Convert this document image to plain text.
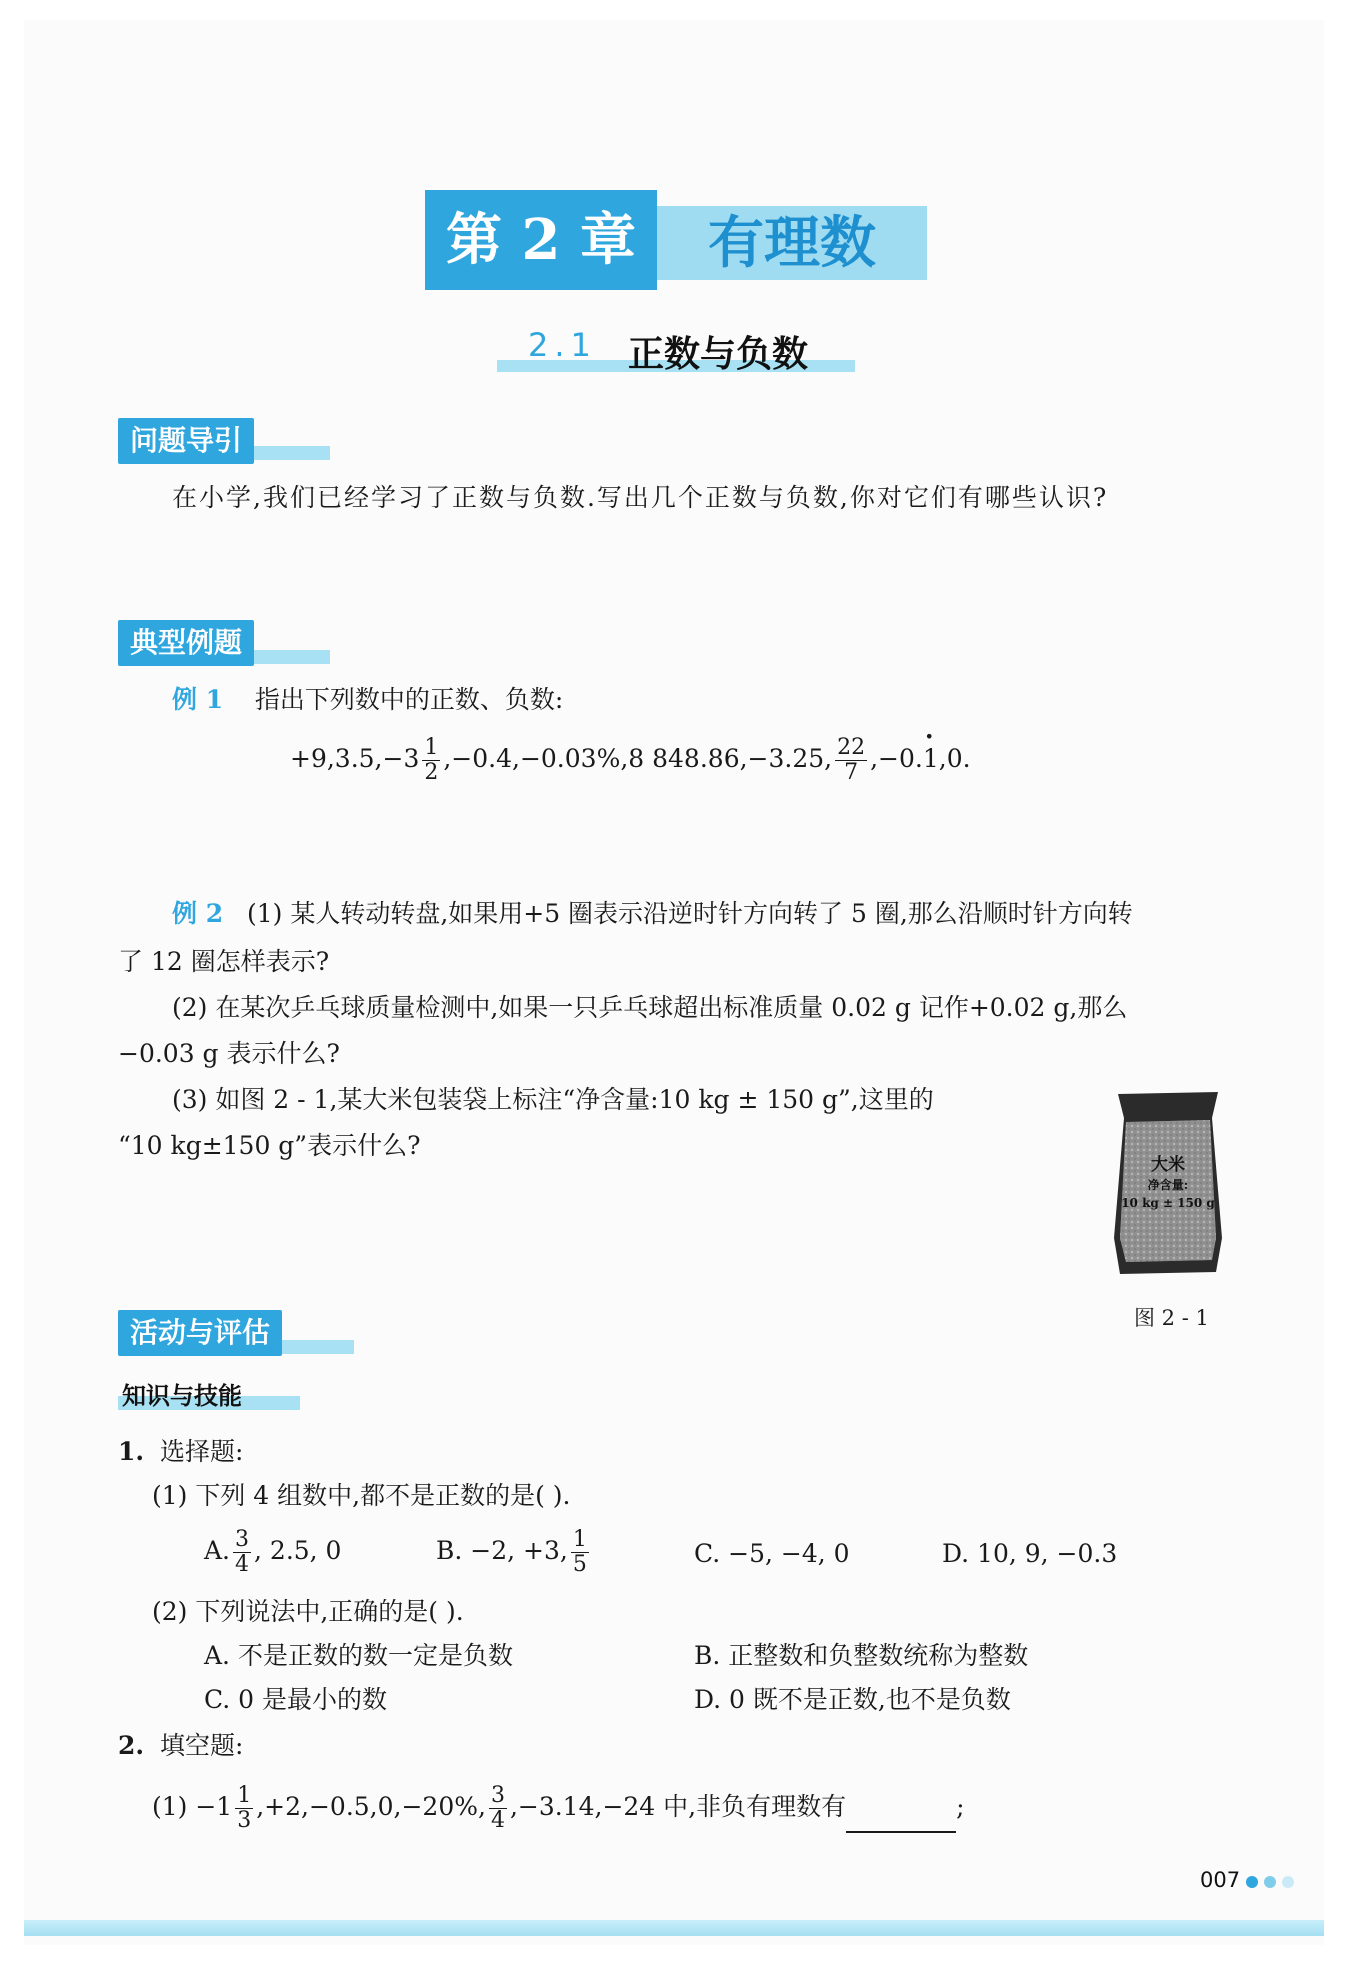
第 2 章	有理数
2.1 正数与负数
问题导引
在小学,我们已经学习了正数与负数.写出几个正数与负数,你对它们有哪些认识?
典型例题
例 1 指出下列数中的正数、负数:
$+9,3.5,-3 \frac{1}{2} ,-0.4,-0.03\%,8$ 848.86,−3.25, $\frac{22}{7} ,-0.\cdot 1,0$.
例 2 (1) 某人转动转盘,如果用+5 圈表示沿逆时针方向转了 5 圈,那么沿顺时针方向转
了 12 圈怎样表示?
(2) 在某次乒乓球质量检测中,如果一只乒乓球超出标准质量 0.02 g 记作+0.02 g,那么
−0.03 g 表示什么?
(3) 如图 2 - 1,某大米包装袋上标注“净含量:10 kg ± 150 g”,这里的
“10 kg±150 g”表示什么?
大米
净含量:
10 kg ± 150 g
图 2 - 1
活动与评估
知识与技能
1. 选择题:
(1) 下列 4 组数中,都不是正数的是( ).
A. $\frac{3}{4}$ , 2.5, 0	B. −2, +3, $\frac{1}{5}$	C. −5, −4, 0	D. 10, 9, −0.3
(2) 下列说法中,正确的是( ).
A. 不是正数的数一定是负数	B. 正整数和负整数统称为整数
C. 0 是最小的数	D. 0 既不是正数,也不是负数
2. 填空题:
$(1) -1 \frac{1}{3} ,+2,-0.5,0,-20\%$, $\frac{3}{4} ,-3.14,-24$ 中,非负有理数有	;
007
